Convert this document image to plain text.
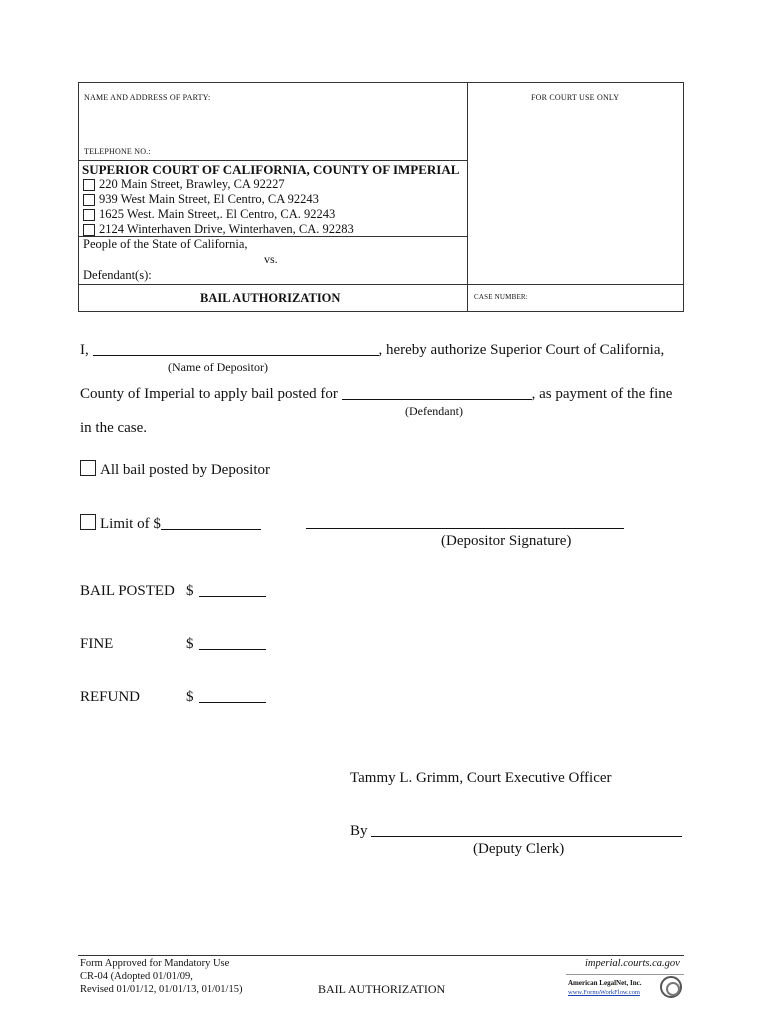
NAME AND ADDRESS OF PARTY:	FOR COURT USE ONLY
TELEPHONE NO.:
SUPERIOR COURT OF CALIFORNIA, COUNTY OF IMPERIAL
220 Main Street, Brawley, CA 92227
939 West Main Street, El Centro, CA 92243
1625 West. Main Street,. El Centro, CA. 92243
2124 Winterhaven Drive, Winterhaven, CA. 92283
People of the State of California,
vs.
Defendant(s):
BAIL AUTHORIZATION	CASE NUMBER:
I,	, hereby authorize Superior Court of California,
(Name of Depositor)
County of Imperial to apply bail posted for	, as payment of the fine
(Defendant)
in the case.
All bail posted by Depositor
Limit of $
(Depositor Signature)
BAIL POSTED $
FINE	$
REFUND	$
Tammy L. Grimm, Court Executive Officer
By
(Deputy Clerk)
Form Approved for Mandatory Use
CR-04 (Adopted 01/01/09,
Revised 01/01/12, 01/01/13, 01/01/15)	BAIL AUTHORIZATION
imperial.courts.ca.gov
American LegalNet, Inc.
www.FormsWorkFlow.com
